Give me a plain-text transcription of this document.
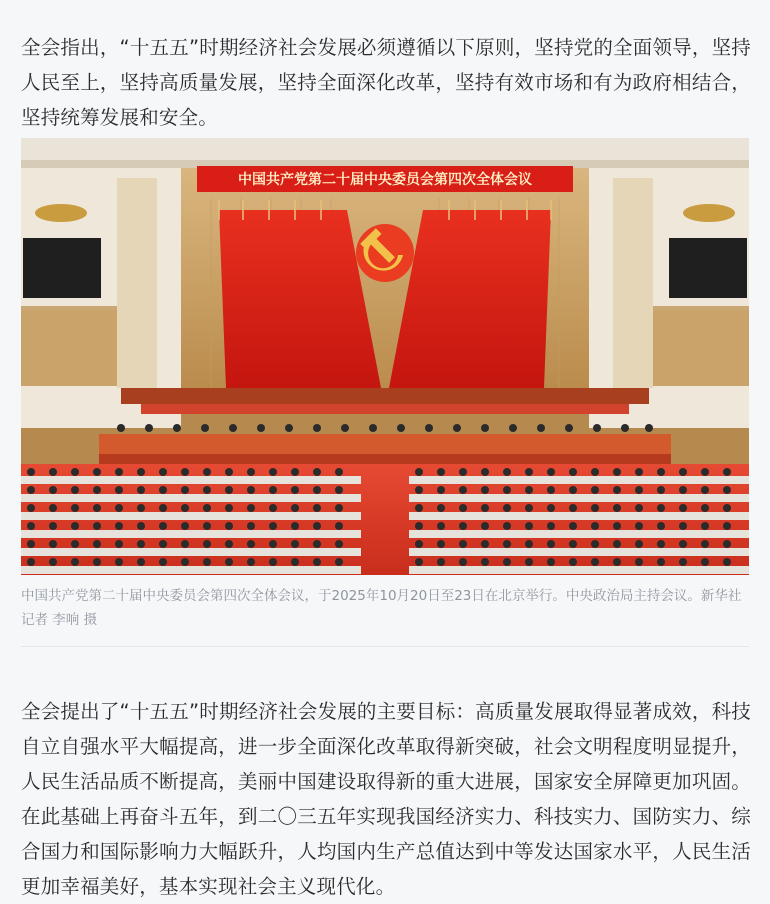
全会指出，“十五五”时期经济社会发展必须遵循以下原则，坚持党的全面领导，坚持人民至上，坚持高质量发展，坚持全面深化改革，坚持有效市场和有为政府相结合，坚持统筹发展和安全。

中国共产党第二十届中央委员会第四次全体会议
中国共产党第二十届中央委员会第四次全体会议，于2025年10月20日至23日在北京举行。中央政治局主持会议。新华社记者 李响 摄

全会提出了“十五五”时期经济社会发展的主要目标：高质量发展取得显著成效，科技自立自强水平大幅提高，进一步全面深化改革取得新突破，社会文明程度明显提升，人民生活品质不断提高，美丽中国建设取得新的重大进展，国家安全屏障更加巩固。在此基础上再奋斗五年，到二〇三五年实现我国经济实力、科技实力、国防实力、综合国力和国际影响力大幅跃升，人均国内生产总值达到中等发达国家水平，人民生活更加幸福美好，基本实现社会主义现代化。
